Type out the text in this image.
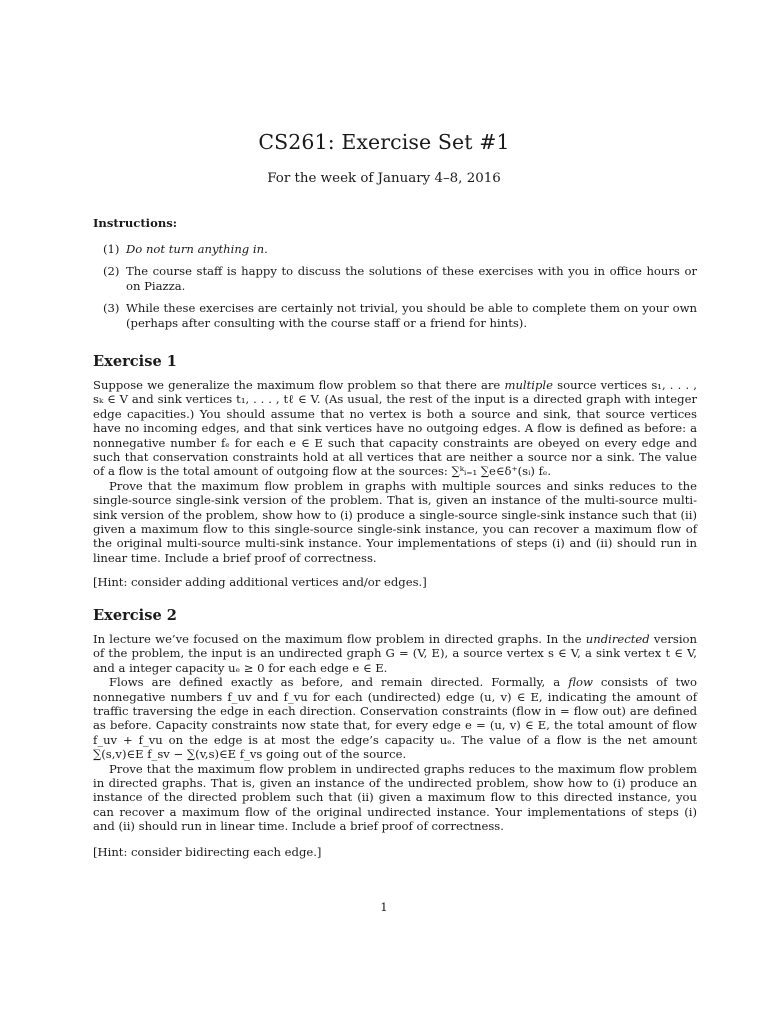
CS261: Exercise Set #1
For the week of January 4–8, 2016
Instructions:
(1) Do not turn anything in.
(2) The course staff is happy to discuss the solutions of these exercises with you in office hours or on Piazza.
(3) While these exercises are certainly not trivial, you should be able to complete them on your own (perhaps after consulting with the course staff or a friend for hints).
Exercise 1

Suppose we generalize the maximum flow problem so that there are multiple source vertices s₁, . . . , sₖ ∈ V and sink vertices t₁, . . . , tℓ ∈ V. (As usual, the rest of the input is a directed graph with integer edge capacities.) You should assume that no vertex is both a source and sink, that source vertices have no incoming edges, and that sink vertices have no outgoing edges. A flow is defined as before: a nonnegative number fₑ for each e ∈ E such that capacity constraints are obeyed on every edge and such that conservation constraints hold at all vertices that are neither a source nor a sink. The value of a flow is the total amount of outgoing flow at the sources: ∑ᵏᵢ₌₁ ∑e∈δ⁺(sᵢ) fₑ.

Prove that the maximum flow problem in graphs with multiple sources and sinks reduces to the single-source single-sink version of the problem. That is, given an instance of the multi-source multi-sink version of the problem, show how to (i) produce a single-source single-sink instance such that (ii) given a maximum flow to this single-source single-sink instance, you can recover a maximum flow of the original multi-source multi-sink instance. Your implementations of steps (i) and (ii) should run in linear time. Include a brief proof of correctness.

[Hint: consider adding additional vertices and/or edges.]
Exercise 2

In lecture we’ve focused on the maximum flow problem in directed graphs. In the undirected version of the problem, the input is an undirected graph G = (V, E), a source vertex s ∈ V, a sink vertex t ∈ V, and a integer capacity uₑ ≥ 0 for each edge e ∈ E.

Flows are defined exactly as before, and remain directed. Formally, a flow consists of two nonnegative numbers f_uv and f_vu for each (undirected) edge (u, v) ∈ E, indicating the amount of traffic traversing the edge in each direction. Conservation constraints (flow in = flow out) are defined as before. Capacity constraints now state that, for every edge e = (u, v) ∈ E, the total amount of flow f_uv + f_vu on the edge is at most the edge’s capacity uₑ. The value of a flow is the net amount ∑(s,v)∈E f_sv − ∑(v,s)∈E f_vs going out of the source.

Prove that the maximum flow problem in undirected graphs reduces to the maximum flow problem in directed graphs. That is, given an instance of the undirected problem, show how to (i) produce an instance of the directed problem such that (ii) given a maximum flow to this directed instance, you can recover a maximum flow of the original undirected instance. Your implementations of steps (i) and (ii) should run in linear time. Include a brief proof of correctness.

[Hint: consider bidirecting each edge.]
1
